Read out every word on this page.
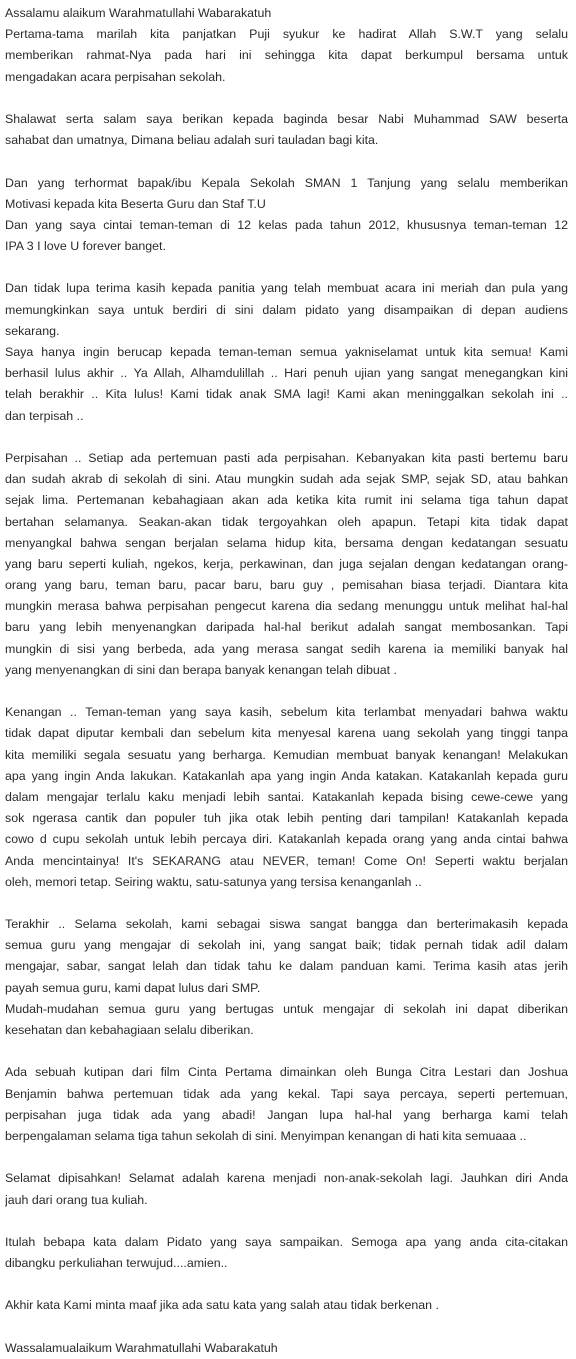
Assalamu alaikum Warahmatullahi Wabarakatuh
Pertama-tama marilah kita panjatkan Puji syukur ke hadirat Allah S.W.T yang selalu
memberikan rahmat-Nya pada hari ini sehingga kita dapat berkumpul bersama untuk
mengadakan acara perpisahan sekolah.
Shalawat serta salam saya berikan kepada baginda besar Nabi Muhammad SAW beserta
sahabat dan umatnya, Dimana beliau adalah suri tauladan bagi kita.
Dan yang terhormat bapak/ibu Kepala Sekolah SMAN 1 Tanjung yang selalu memberikan
Motivasi kepada kita Beserta Guru dan Staf T.U
Dan yang saya cintai teman-teman di 12 kelas pada tahun 2012, khususnya teman-teman 12
IPA 3 I love U forever banget.
Dan tidak lupa terima kasih kepada panitia yang telah membuat acara ini meriah dan pula yang
memungkinkan saya untuk berdiri di sini dalam pidato yang disampaikan di depan audiens
sekarang.
Saya hanya ingin berucap kepada teman-teman semua yakniselamat untuk kita semua! Kami
berhasil lulus akhir .. Ya Allah, Alhamdulillah .. Hari penuh ujian yang sangat menegangkan kini
telah berakhir .. Kita lulus! Kami tidak anak SMA lagi! Kami akan meninggalkan sekolah ini ..
dan terpisah ..
Perpisahan .. Setiap ada pertemuan pasti ada perpisahan. Kebanyakan kita pasti bertemu baru
dan sudah akrab di sekolah di sini. Atau mungkin sudah ada sejak SMP, sejak SD, atau bahkan
sejak lima. Pertemanan kebahagiaan akan ada ketika kita rumit ini selama tiga tahun dapat
bertahan selamanya. Seakan-akan tidak tergoyahkan oleh apapun. Tetapi kita tidak dapat
menyangkal bahwa sengan berjalan selama hidup kita, bersama dengan kedatangan sesuatu
yang baru seperti kuliah, ngekos, kerja, perkawinan, dan juga sejalan dengan kedatangan orang-
orang yang baru, teman baru, pacar baru, baru guy , pemisahan biasa terjadi. Diantara kita
mungkin merasa bahwa perpisahan pengecut karena dia sedang menunggu untuk melihat hal-hal
baru yang lebih menyenangkan daripada hal-hal berikut adalah sangat membosankan. Tapi
mungkin di sisi yang berbeda, ada yang merasa sangat sedih karena ia memiliki banyak hal
yang menyenangkan di sini dan berapa banyak kenangan telah dibuat .
Kenangan .. Teman-teman yang saya kasih, sebelum kita terlambat menyadari bahwa waktu
tidak dapat diputar kembali dan sebelum kita menyesal karena uang sekolah yang tinggi tanpa
kita memiliki segala sesuatu yang berharga. Kemudian membuat banyak kenangan! Melakukan
apa yang ingin Anda lakukan. Katakanlah apa yang ingin Anda katakan. Katakanlah kepada guru
dalam mengajar terlalu kaku menjadi lebih santai. Katakanlah kepada bising cewe-cewe yang
sok ngerasa cantik dan populer tuh jika otak lebih penting dari tampilan! Katakanlah kepada
cowo d cupu sekolah untuk lebih percaya diri. Katakanlah kepada orang yang anda cintai bahwa
Anda mencintainya! It's SEKARANG atau NEVER, teman! Come On! Seperti waktu berjalan
oleh, memori tetap. Seiring waktu, satu-satunya yang tersisa kenanganlah ..
Terakhir .. Selama sekolah, kami sebagai siswa sangat bangga dan berterimakasih kepada
semua guru yang mengajar di sekolah ini, yang sangat baik; tidak pernah tidak adil dalam
mengajar, sabar, sangat lelah dan tidak tahu ke dalam panduan kami. Terima kasih atas jerih
payah semua guru, kami dapat lulus dari SMP.
Mudah-mudahan semua guru yang bertugas untuk mengajar di sekolah ini dapat diberikan
kesehatan dan kebahagiaan selalu diberikan.
Ada sebuah kutipan dari film Cinta Pertama dimainkan oleh Bunga Citra Lestari dan Joshua
Benjamin bahwa pertemuan tidak ada yang kekal. Tapi saya percaya, seperti pertemuan,
perpisahan juga tidak ada yang abadi! Jangan lupa hal-hal yang berharga kami telah
berpengalaman selama tiga tahun sekolah di sini. Menyimpan kenangan di hati kita semuaaa ..
Selamat dipisahkan! Selamat adalah karena menjadi non-anak-sekolah lagi. Jauhkan diri Anda
jauh dari orang tua kuliah.
Itulah bebapa kata dalam Pidato yang saya sampaikan. Semoga apa yang anda cita-citakan
dibangku perkuliahan terwujud....amien..
Akhir kata Kami minta maaf jika ada satu kata yang salah atau tidak berkenan .
Wassalamualaikum Warahmatullahi Wabarakatuh
